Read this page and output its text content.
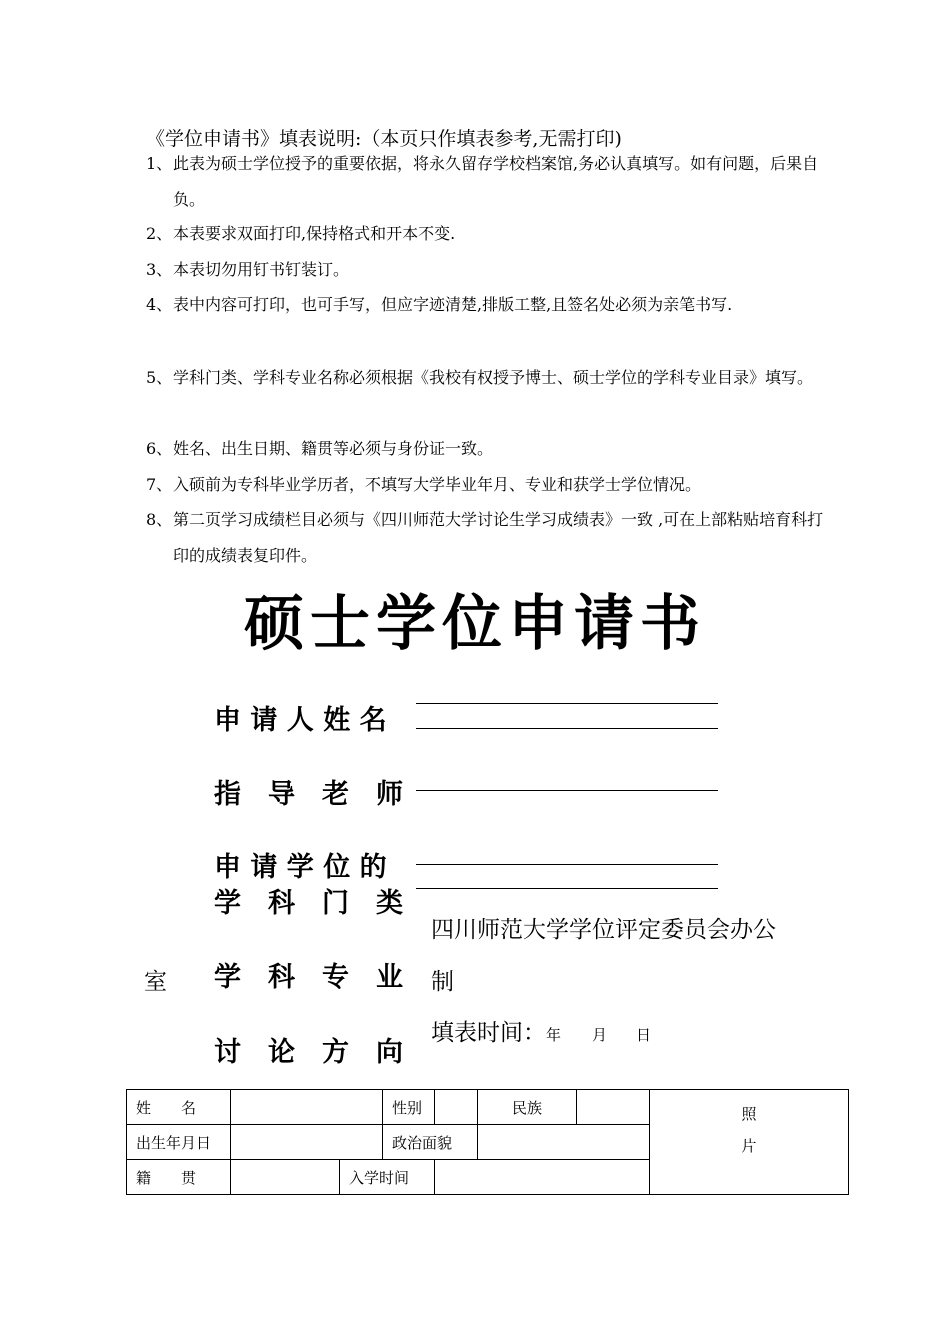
《学位申请书》填表说明:（本页只作填表参考,无需打印)
1、 此表为硕士学位授予的重要依据，将永久留存学校档案馆,务必认真填写。如有问题，后果自负。
2、 本表要求双面打印,保持格式和开本不变.
3、 本表切勿用钉书钉装订。
4、 表中内容可打印，也可手写，但应字迹清楚,排版工整,且签名处必须为亲笔书写.
5、 学科门类、学科专业名称必须根据《我校有权授予博士、硕士学位的学科专业目录》填写。
6、 姓名、出生日期、籍贯等必须与身份证一致。
7、 入硕前为专科毕业学历者，不填写大学毕业年月、专业和获学士学位情况。
8、 第二页学习成绩栏目必须与《四川师范大学讨论生学习成绩表》一致 ,可在上部粘贴培育科打印的成绩表复印件。
硕士学位申请书
申 请 人 姓 名
指　导　老　师
申 请 学 位 的
学　科　门　类
四川师范大学学位评定委员会办公
室 学　科　专　业 制
填表时间：年 月 日
讨　论　方　向
姓　　名			性别		民族		照
片

出生年月日			政治面貌				
籍　　贯		入学时间					
